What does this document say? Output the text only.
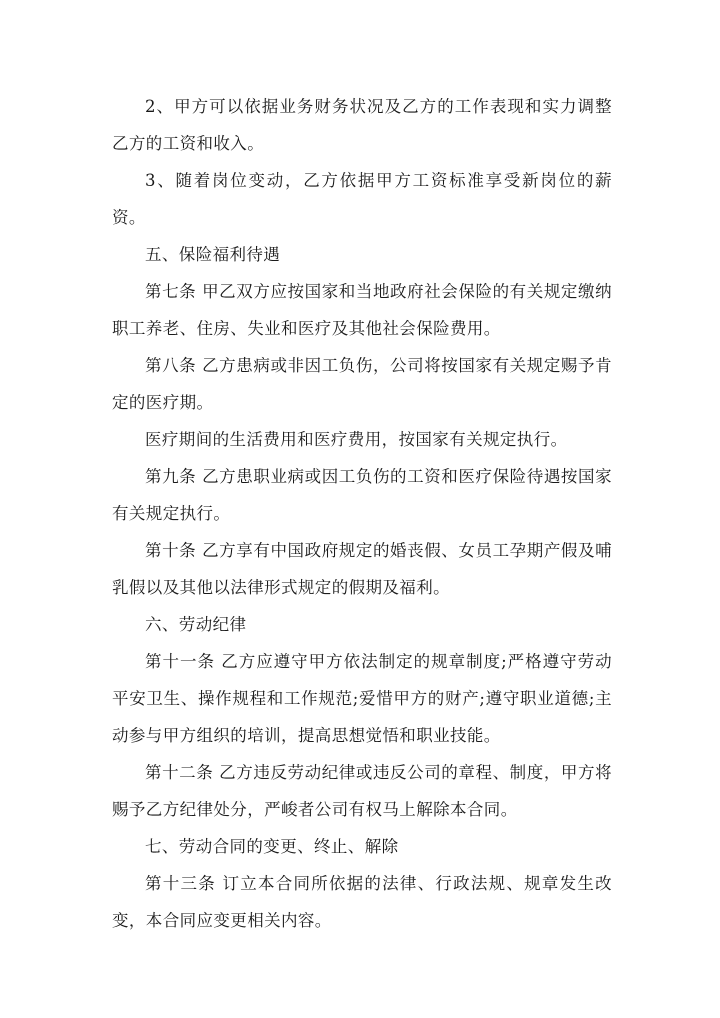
2、甲方可以依据业务财务状况及乙方的工作表现和实力调整乙方的工资和收入。

3、随着岗位变动，乙方依据甲方工资标准享受新岗位的薪资。

五、保险福利待遇

第七条 甲乙双方应按国家和当地政府社会保险的有关规定缴纳职工养老、住房、失业和医疗及其他社会保险费用。

第八条 乙方患病或非因工负伤，公司将按国家有关规定赐予肯定的医疗期。

医疗期间的生活费用和医疗费用，按国家有关规定执行。

第九条 乙方患职业病或因工负伤的工资和医疗保险待遇按国家有关规定执行。

第十条 乙方享有中国政府规定的婚丧假、女员工孕期产假及哺乳假以及其他以法律形式规定的假期及福利。

六、劳动纪律

第十一条 乙方应遵守甲方依法制定的规章制度;严格遵守劳动平安卫生、操作规程和工作规范;爱惜甲方的财产;遵守职业道德;主动参与甲方组织的培训，提高思想觉悟和职业技能。

第十二条 乙方违反劳动纪律或违反公司的章程、制度，甲方将赐予乙方纪律处分，严峻者公司有权马上解除本合同。

七、劳动合同的变更、终止、解除

第十三条 订立本合同所依据的法律、行政法规、规章发生改变，本合同应变更相关内容。
